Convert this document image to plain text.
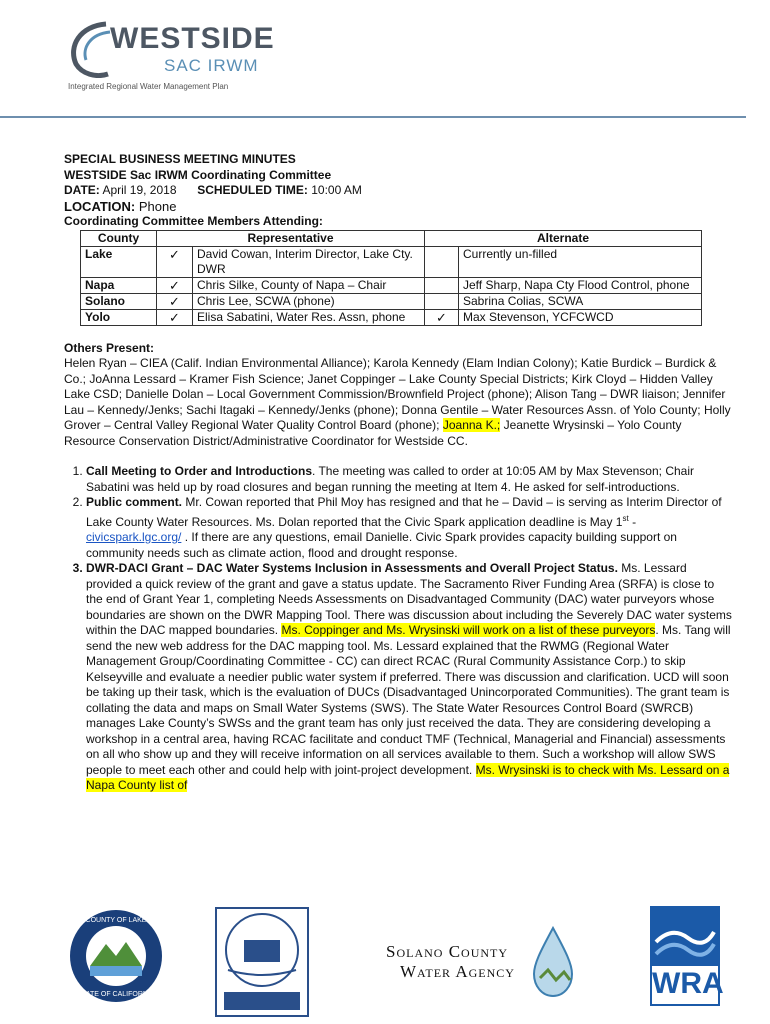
WESTSIDE
SAC IRWM
Integrated Regional Water Management Plan

SPECIAL BUSINESS MEETING MINUTES

WESTSIDE Sac IRWM Coordinating Committee

DATE: April 19, 2018 SCHEDULED TIME: 10:00 AM

LOCATION: Phone

Coordinating Committee Members Attending:

County	Representative		Alternate	
Lake	✓	David Cowan, Interim Director, Lake Cty. DWR		Currently un-filled
Napa	✓	Chris Silke, County of Napa – Chair		Jeff Sharp, Napa Cty Flood Control, phone
Solano	✓	Chris Lee, SCWA (phone)		Sabrina Colias, SCWA
Yolo	✓	Elisa Sabatini, Water Res. Assn, phone	✓	Max Stevenson, YCFCWCD

Others Present:

Helen Ryan – CIEA (Calif. Indian Environmental Alliance); Karola Kennedy (Elam Indian Colony); Katie Burdick – Burdick & Co.; JoAnna Lessard – Kramer Fish Science; Janet Coppinger – Lake County Special Districts; Kirk Cloyd – Hidden Valley Lake CSD; Danielle Dolan – Local Government Commission/Brownfield Project (phone); Alison Tang – DWR liaison; Jennifer Lau – Kennedy/Jenks; Sachi Itagaki – Kennedy/Jenks (phone); Donna Gentile – Water Resources Assn. of Yolo County; Holly Grover – Central Valley Regional Water Quality Control Board (phone); Joanna K.; Jeanette Wrysinski – Yolo County Resource Conservation District/Administrative Coordinator for Westside CC.

1. Call Meeting to Order and Introductions. The meeting was called to order at 10:05 AM by Max Stevenson; Chair Sabatini was held up by road closures and began running the meeting at Item 4. He asked for self-introductions.
2. Public comment. Mr. Cowan reported that Phil Moy has resigned and that he – David – is serving as Interim Director of Lake County Water Resources. Ms. Dolan reported that the Civic Spark application deadline is May 1st - civicspark.lgc.org/ . If there are any questions, email Danielle. Civic Spark provides capacity building support on community needs such as climate action, flood and drought response.
3. DWR-DACI Grant – DAC Water Systems Inclusion in Assessments and Overall Project Status. Ms. Lessard provided a quick review of the grant and gave a status update. The Sacramento River Funding Area (SRFA) is close to the end of Grant Year 1, completing Needs Assessments on Disadvantaged Community (DAC) water purveyors whose boundaries are shown on the DWR Mapping Tool. There was discussion about including the Severely DAC water systems within the DAC mapped boundaries. Ms. Coppinger and Ms. Wrysinski will work on a list of these purveyors. Ms. Tang will send the new web address for the DAC mapping tool. Ms. Lessard explained that the RWMG (Regional Water Management Group/Coordinating Committee - CC) can direct RCAC (Rural Community Assistance Corp.) to skip Kelseyville and evaluate a needier public water system if preferred. There was discussion and clarification. UCD will soon be taking up their task, which is the evaluation of DUCs (Disadvantaged Unincorporated Communities). The grant team is collating the data and maps on Small Water Systems (SWS). The State Water Resources Control Board (SWRCB) manages Lake County’s SWSs and the grant team has only just received the data. They are considering developing a workshop in a central area, having RCAC facilitate and conduct TMF (Technical, Managerial and Financial) assessments on all who show up and they will receive information on all services available to them. Such a workshop will allow SWS people to meet each other and could help with joint-project development. Ms. Wrysinski is to check with Ms. Lessard on a Napa County list of
COUNTY OF LAKE
STATE OF CALIFORNIA
Solano County
Water Agency	WRA
